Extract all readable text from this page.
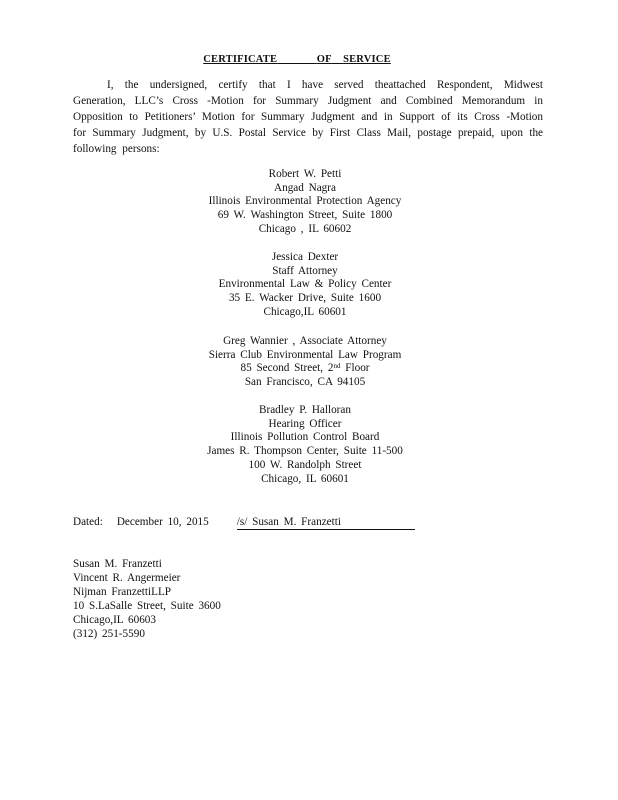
CERTIFICATE	OF SERVICE
I, the undersigned, certify that I have served theattached Respondent, Midwest Generation, LLC’s Cross -Motion for Summary Judgment and Combined Memorandum in Opposition to Petitioners’ Motion for Summary Judgment and in Support of its Cross -Motion for Summary Judgment, by U.S. Postal Service by First Class Mail, postage prepaid, upon the following persons:
Robert W. Petti
Angad Nagra
Illinois Environmental Protection Agency
69 W. Washington Street, Suite 1800
Chicago , IL 60602
Jessica Dexter
Staff Attorney
Environmental Law & Policy Center
35 E. Wacker Drive, Suite 1600
Chicago,IL 60601
Greg Wannier , Associate Attorney
Sierra Club Environmental Law Program
85 Second Street, 2nd Floor
San Francisco, CA 94105
Bradley P. Halloran
Hearing Officer
Illinois Pollution Control Board
James R. Thompson Center, Suite 11-500
100 W. Randolph Street
Chicago, IL 60601
Dated: December 10, 2015	/s/ Susan M. Franzetti
Susan M. Franzetti
Vincent R. Angermeier
Nijman FranzettiLLP
10 S.LaSalle Street, Suite 3600
Chicago,IL 60603
(312) 251-5590
